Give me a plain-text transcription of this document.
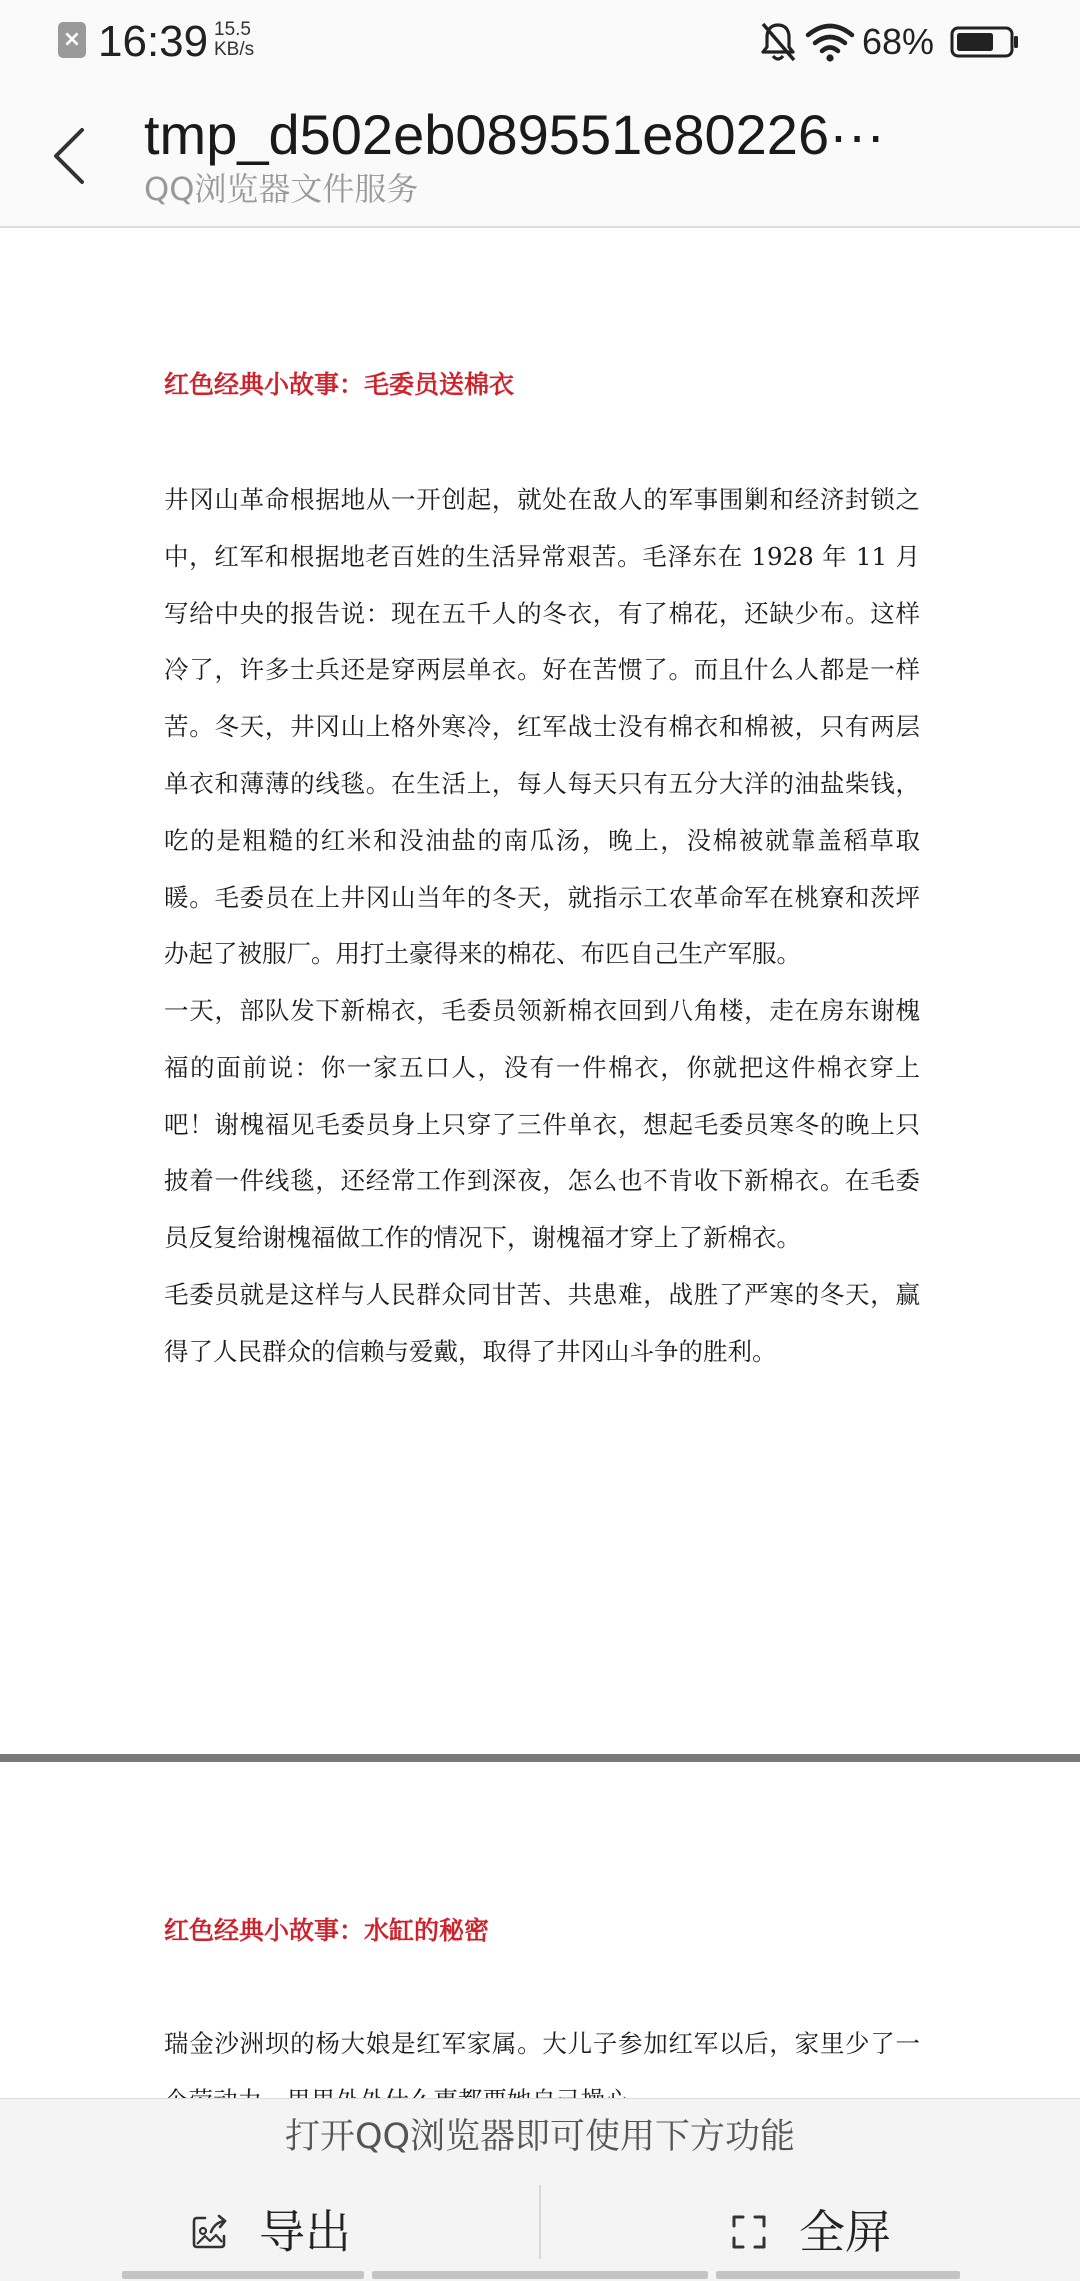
× 16:39 15.5
KB/s	68%
tmp_d502eb089551e80226···
QQ浏览器文件服务
红色经典小故事：毛委员送棉衣

井冈山革命根据地从一开创起，就处在敌人的军事围剿和经济封锁之中，红军和根据地老百姓的生活异常艰苦。毛泽东在 1928 年 11 月写给中央的报告说：现在五千人的冬衣，有了棉花，还缺少布。这样冷了，许多士兵还是穿两层单衣。好在苦惯了。而且什么人都是一样苦。冬天，井冈山上格外寒冷，红军战士没有棉衣和棉被，只有两层单衣和薄薄的线毯。在生活上，每人每天只有五分大洋的油盐柴钱，吃的是粗糙的红米和没油盐的南瓜汤，晚上，没棉被就靠盖稻草取暖。毛委员在上井冈山当年的冬天，就指示工农革命军在桃寮和茨坪办起了被服厂。用打土豪得来的棉花、布匹自己生产军服。

一天，部队发下新棉衣，毛委员领新棉衣回到八角楼，走在房东谢槐福的面前说：你一家五口人，没有一件棉衣，你就把这件棉衣穿上吧！谢槐福见毛委员身上只穿了三件单衣，想起毛委员寒冬的晚上只披着一件线毯，还经常工作到深夜，怎么也不肯收下新棉衣。在毛委员反复给谢槐福做工作的情况下，谢槐福才穿上了新棉衣。

毛委员就是这样与人民群众同甘苦、共患难，战胜了严寒的冬天，赢得了人民群众的信赖与爱戴，取得了井冈山斗争的胜利。

红色经典小故事：水缸的秘密

瑞金沙洲坝的杨大娘是红军家属。大儿子参加红军以后，家里少了一

打开QQ浏览器即可使用下方功能
导出	全屏
